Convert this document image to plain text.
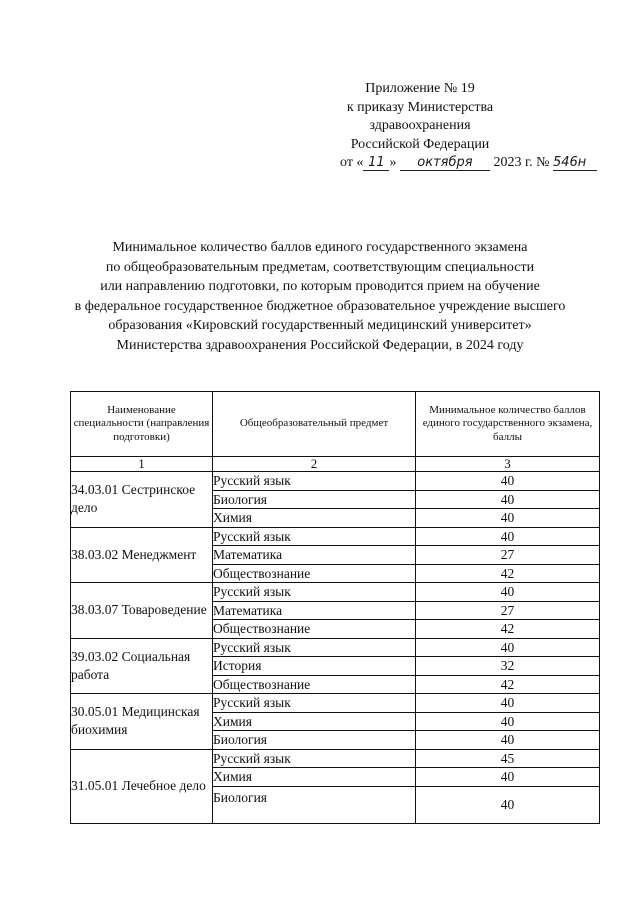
Приложение № 19
к приказу Министерства
здравоохранения
Российской Федерации
от « 11 » октября 2023 г. № 546н
Минимальное количество баллов единого государственного экзамена
по общеобразовательным предметам, соответствующим специальности
или направлению подготовки, по которым проводится прием на обучение
в федеральное государственное бюджетное образовательное учреждение высшего
образования «Кировский государственный медицинский университет»
Министерства здравоохранения Российской Федерации, в 2024 году
Наименование специальности (направления подготовки)	Общеобразовательный предмет	Минимальное количество баллов единого государственного экзамена, баллы
1	2	3

34.03.01 Сестринское дело	Русский язык	40
	Биология	40
	Химия	40

38.03.02 Менеджмент	Русский язык	40
	Математика	27
	Обществознание	42

38.03.07 Товароведение	Русский язык	40
	Математика	27
	Обществознание	42

39.03.02 Социальная работа	Русский язык	40
	История	32
	Обществознание	42

30.05.01 Медицинская биохимия	Русский язык	40
	Химия	40
	Биология	40

31.05.01 Лечебное дело	Русский язык	45
	Химия	40
	Биология	40
